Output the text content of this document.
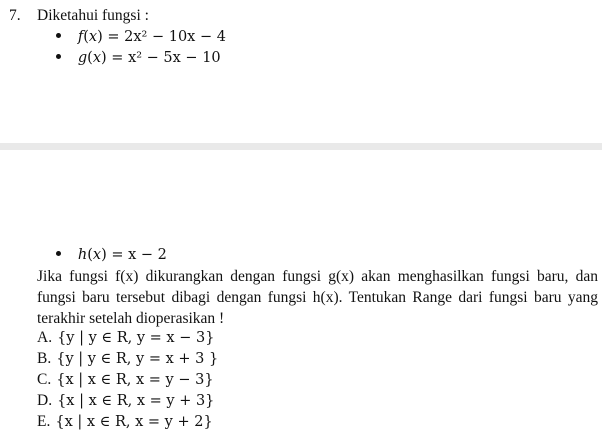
7. Diketahui fungsi :
f(x) = 2x² − 10x − 4
g(x) = x² − 5x − 10
h(x) = x − 2
Jika fungsi f(x) dikurangkan dengan fungsi g(x) akan menghasilkan fungsi baru, dan
fungsi baru tersebut dibagi dengan fungsi h(x). Tentukan Range dari fungsi baru yang
terakhir setelah dioperasikan !
A. {y | y ∈ R, y = x − 3}
B. {y | y ∈ R, y = x + 3 }
C. {x | x ∈ R, x = y − 3}
D. {x | x ∈ R, x = y + 3}
E. {x | x ∈ R, x = y + 2}
